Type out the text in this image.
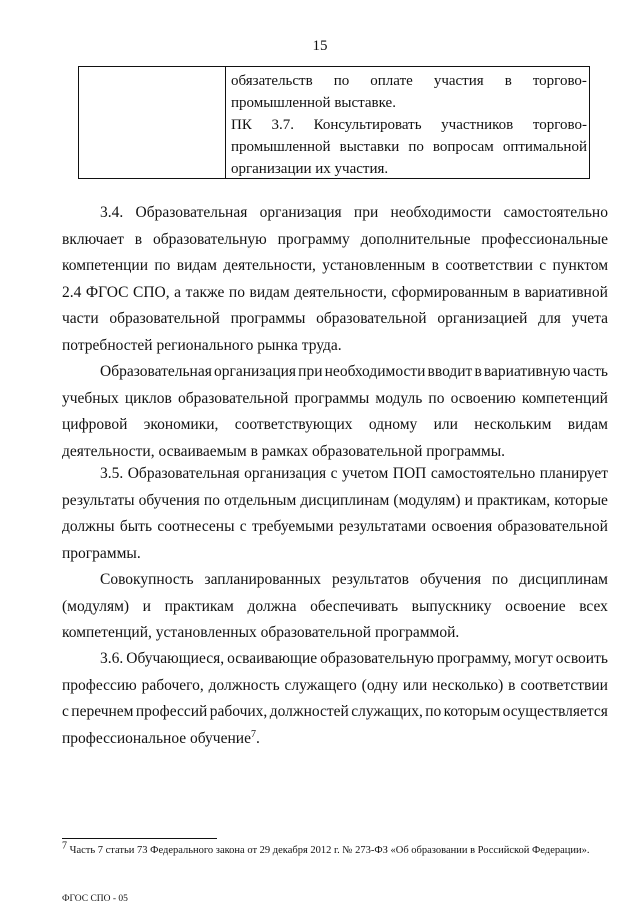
15
обязательств по оплате участия в торгово-
промышленной выставке.
ПК 3.7. Консультировать участников торгово-
промышленной выставки по вопросам оптимальной
организации их участия.
3.4. Образовательная организация при необходимости самостоятельно
включает в образовательную программу дополнительные профессиональные
компетенции по видам деятельности, установленным в соответствии с пунктом
2.4 ФГОС СПО, а также по видам деятельности, сформированным в вариативной
части образовательной программы образовательной организацией для учета
потребностей регионального рынка труда.
Образовательная организация при необходимости вводит в вариативную часть
учебных циклов образовательной программы модуль по освоению компетенций
цифровой экономики, соответствующих одному или нескольким видам
деятельности, осваиваемым в рамках образовательной программы.
3.5. Образовательная организация с учетом ПОП самостоятельно планирует
результаты обучения по отдельным дисциплинам (модулям) и практикам, которые
должны быть соотнесены с требуемыми результатами освоения образовательной
программы.
Совокупность запланированных результатов обучения по дисциплинам
(модулям) и практикам должна обеспечивать выпускнику освоение всех
компетенций, установленных образовательной программой.
3.6. Обучающиеся, осваивающие образовательную программу, могут освоить
профессию рабочего, должность служащего (одну или несколько) в соответствии
с перечнем профессий рабочих, должностей служащих, по которым осуществляется
профессиональное обучение$^7$.
$^7$ Часть 7 статьи 73 Федерального закона от 29 декабря 2012 г. № 273-ФЗ «Об образовании в Российской Федерации».
ФГОС СПО - 05
